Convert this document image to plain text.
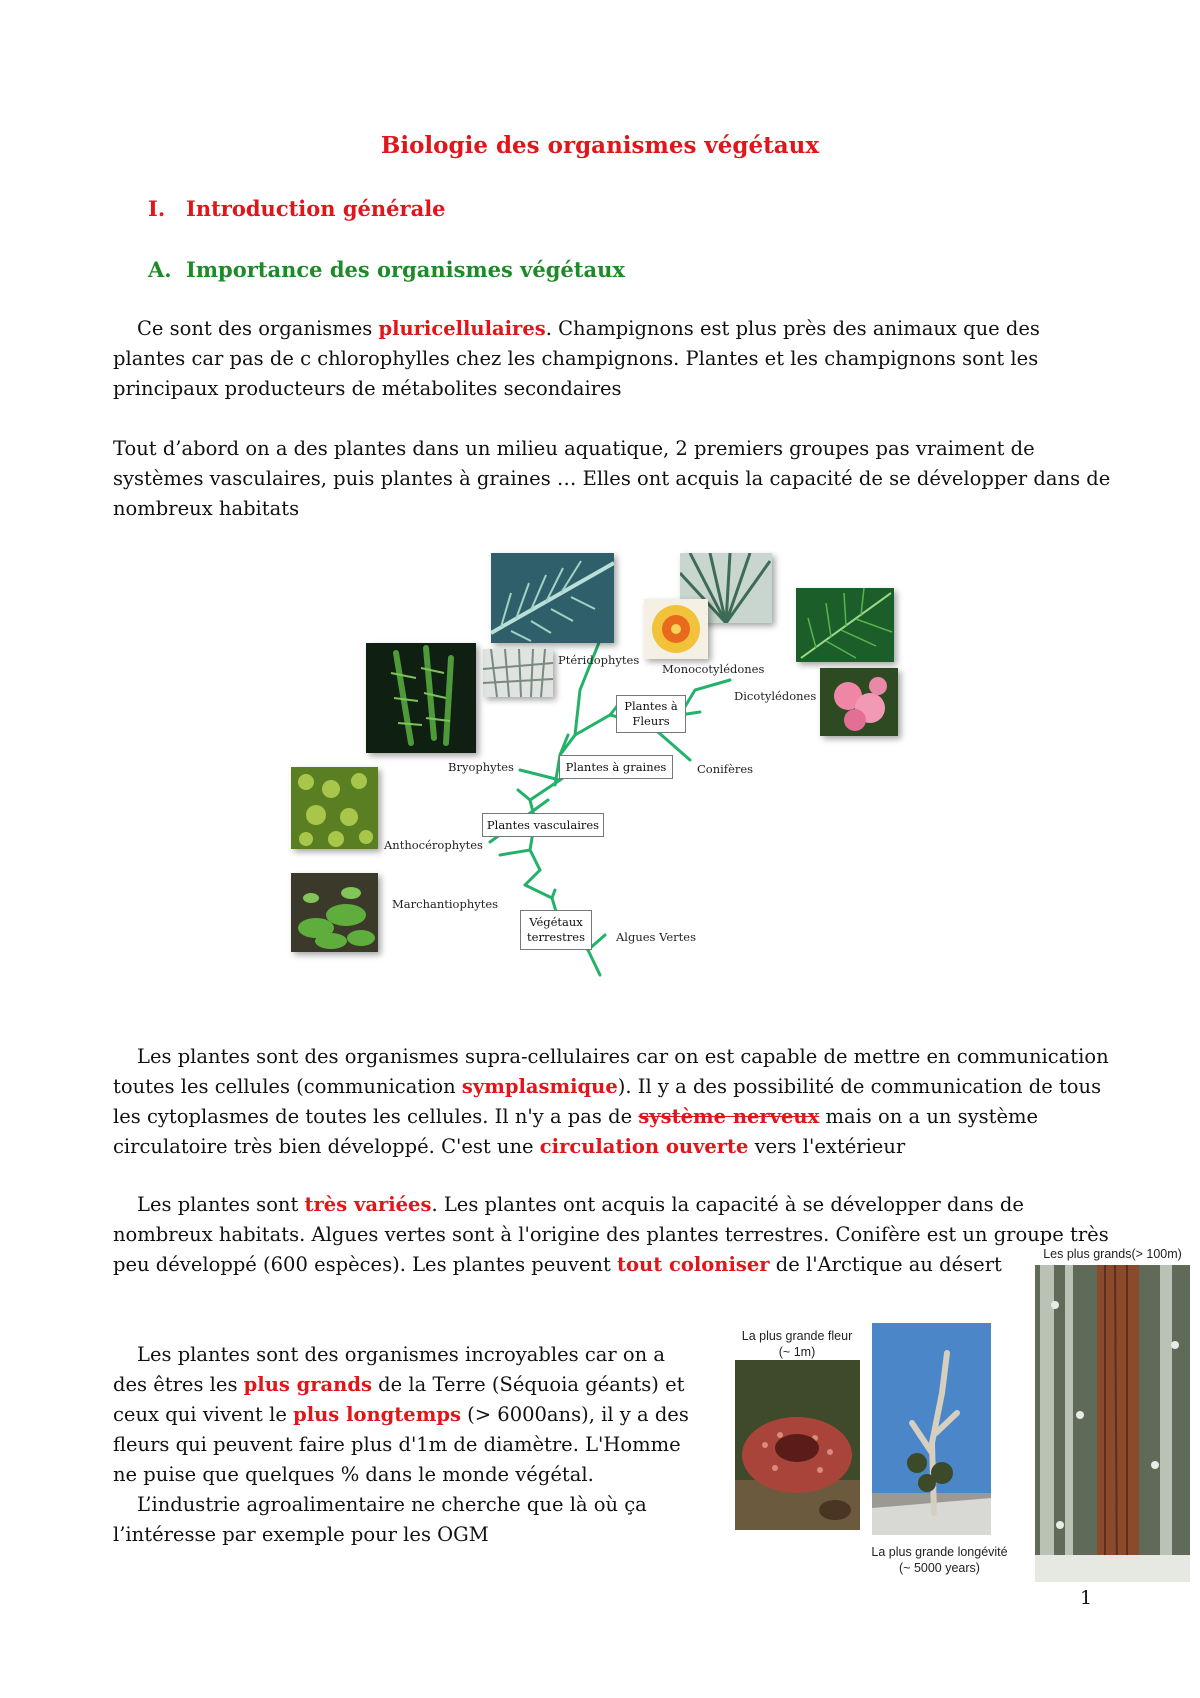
Biologie des organismes végétaux
I. Introduction générale
A. Importance des organismes végétaux
Ce sont des organismes pluricellulaires. Champignons est plus près des animaux que des plantes car pas de c chlorophylles chez les champignons. Plantes et les champignons sont les principaux producteurs de métabolites secondaires
Tout d’abord on a des plantes dans un milieu aquatique, 2 premiers groupes pas vraiment de systèmes vasculaires, puis plantes à graines … Elles ont acquis la capacité de se développer dans de nombreux habitats
Ptéridophytes
Monocotylédones
Dicotylédones
Plantes à
Fleurs
Bryophytes	Plantes à graines	Conifères
Plantes vasculaires
Anthocérophytes
Marchantiophytes
Végétaux
terrestres	Algues Vertes
Les plantes sont des organismes supra-cellulaires car on est capable de mettre en communication toutes les cellules (communication symplasmique). Il y a des possibilité de communication de tous les cytoplasmes de toutes les cellules. Il n'y a pas de système nerveux mais on a un système circulatoire très bien développé. C'est une circulation ouverte vers l'extérieur
Les plantes sont très variées. Les plantes ont acquis la capacité à se développer dans de nombreux habitats. Algues vertes sont à l'origine des plantes terrestres. Conifère est un groupe très peu développé (600 espèces). Les plantes peuvent tout coloniser de l'Arctique au désert
Les plantes sont des organismes incroyables car on a des êtres les plus grands de la Terre (Séquoia géants) et ceux qui vivent le plus longtemps (> 6000ans), il y a des fleurs qui peuvent faire plus d'1m de diamètre. L'Homme ne puise que quelques % dans le monde végétal.
L’industrie agroalimentaire ne cherche que là où ça l’intéresse par exemple pour les OGM
La plus grande fleur
(~ 1m)
La plus grande longévité
(~ 5000 years)
Les plus grands(> 100m)
1
